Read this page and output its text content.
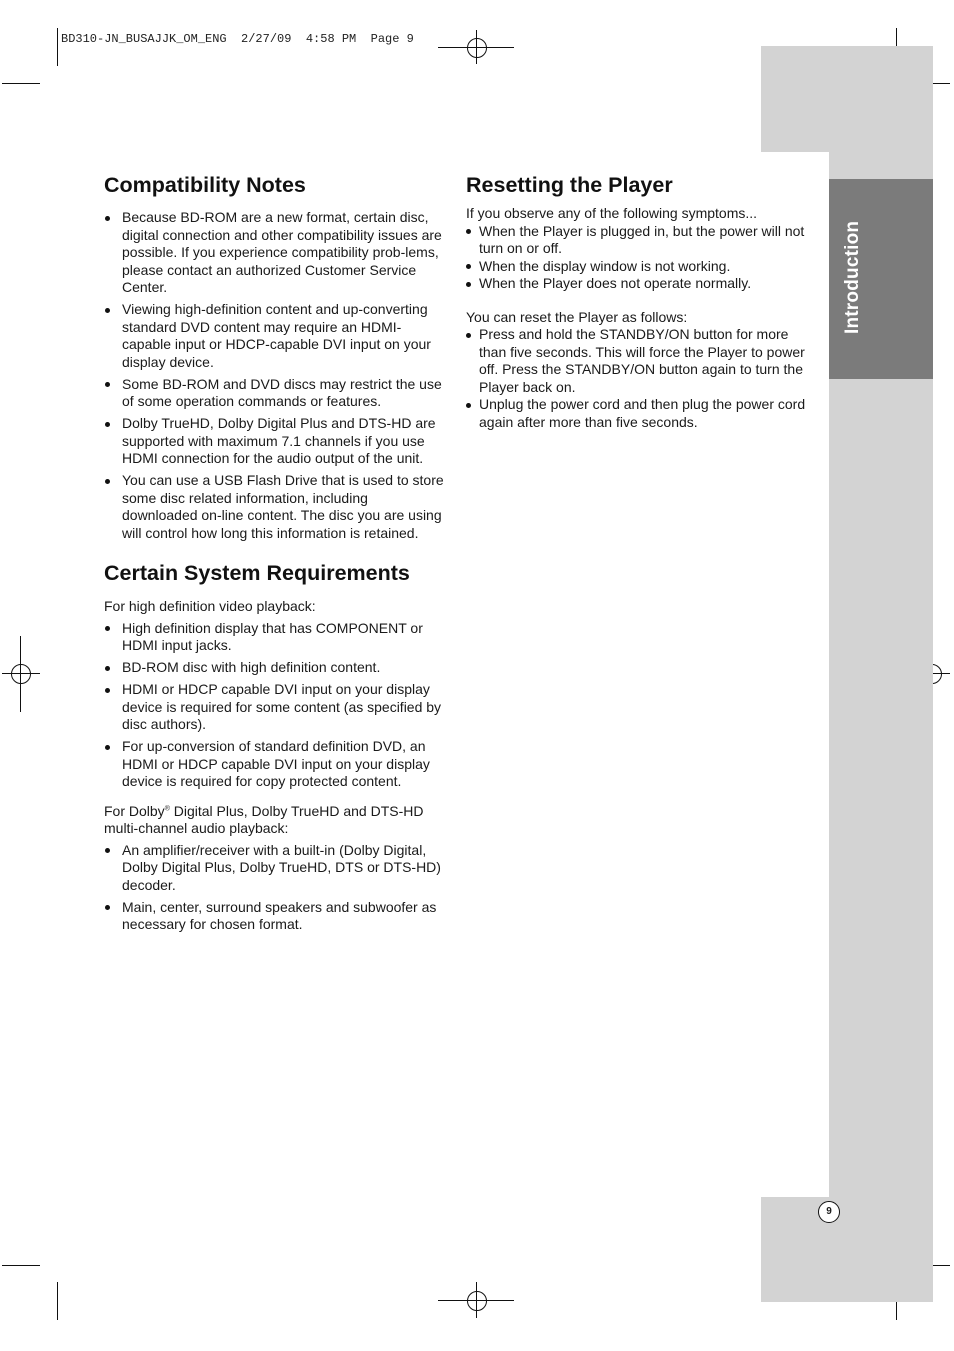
BD310-JN_BUSAJJK_OM_ENG  2/27/09  4:58 PM  Page 9
Introduction
9
Compatibility Notes
Because BD-ROM are a new format, certain disc, digital connection and other compatibility issues are possible. If you experience compatibility prob-lems, please contact an authorized Customer Service Center.
Viewing high-definition content and up-converting standard DVD content may require an HDMI-capable input or HDCP-capable DVI input on your display device.
Some BD-ROM and DVD discs may restrict the use of some operation commands or features.
Dolby TrueHD, Dolby Digital Plus and DTS-HD are supported with maximum 7.1 channels if you use HDMI connection for the audio output of the unit.
You can use a USB Flash Drive that is used to store some disc related information, including downloaded on-line content. The disc you are using will control how long this information is retained.
Certain System Requirements

For high definition video playback:

High definition display that has COMPONENT or HDMI input jacks.
BD-ROM disc with high definition content.
HDMI or HDCP capable DVI input on your display device is required for some content (as specified by disc authors).
For up-conversion of standard definition DVD, an HDMI or HDCP capable DVI input on your display device is required for copy protected content.

For Dolby® Digital Plus, Dolby TrueHD and DTS-HD multi-channel audio playback:

An amplifier/receiver with a built-in (Dolby Digital, Dolby Digital Plus, Dolby TrueHD, DTS or DTS-HD) decoder.
Main, center, surround speakers and subwoofer as necessary for chosen format.
Resetting the Player

If you observe any of the following symptoms...

When the Player is plugged in, but the power will not turn on or off.
When the display window is not working.
When the Player does not operate normally.

You can reset the Player as follows:

Press and hold the STANDBY/ON button for more than five seconds. This will force the Player to power off. Press the STANDBY/ON button again to turn the Player back on.
Unplug the power cord and then plug the power cord again after more than five seconds.
